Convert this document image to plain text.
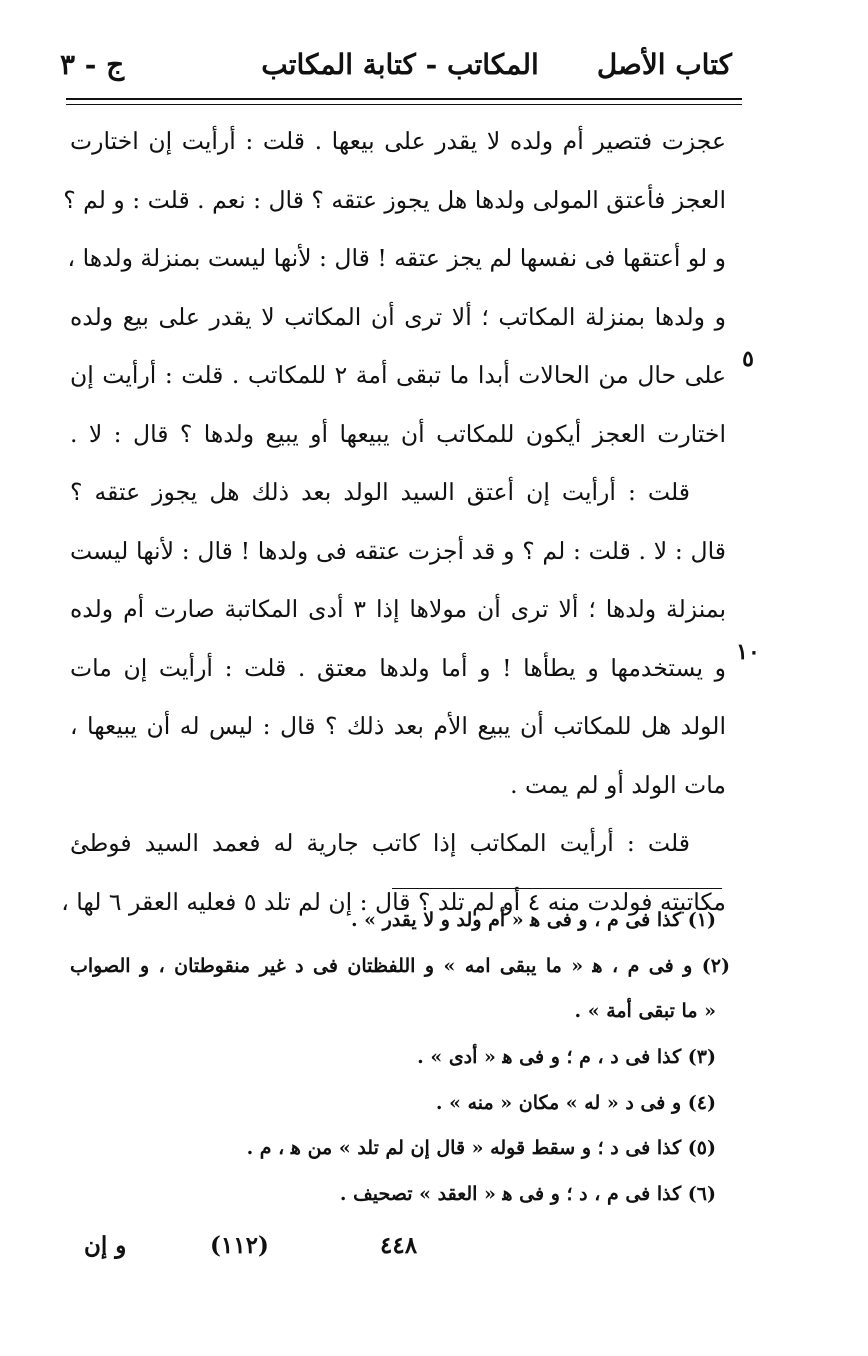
كتاب الأصل
المكاتب - كتابة المكاتب
ج - ٣
عجزت فتصير أم ولده لا يقدر على بيعها . قلت : أرأيت إن اختارت
العجز فأعتق المولى ولدها هل يجوز عتقه ؟ قال : نعم . قلت : و لم ؟
و لو أعتقها فى نفسها لم يجز عتقه ! قال : لأنها ليست بمنزلة ولدها ،
و ولدها بمنزلة المكاتب ؛ ألا ترى أن المكاتب لا يقدر على بيع ولده
٥
على حال من الحالات أبدا ما تبقى أمة ٢ للمكاتب . قلت : أرأيت إن
اختارت العجز أيكون للمكاتب أن يبيعها أو يبيع ولدها ؟ قال : لا .
قلت : أرأيت إن أعتق السيد الولد بعد ذلك هل يجوز عتقه ؟
قال : لا . قلت : لم ؟ و قد أجزت عتقه فى ولدها ! قال : لأنها ليست
بمنزلة ولدها ؛ ألا ترى أن مولاها إذا ٣ أدى المكاتبة صارت أم ولده
١٠
و يستخدمها و يطأها ! و أما ولدها معتق . قلت : أرأيت إن مات
الولد هل للمكاتب أن يبيع الأم بعد ذلك ؟ قال : ليس له أن يبيعها ،
مات الولد أو لم يمت .
قلت : أرأيت المكاتب إذا كاتب جارية له فعمد السيد فوطئ
مكاتبته فولدت منه ٤ أو لم تلد ؟ قال : إن لم تلد ٥ فعليه العقر ٦ لها ،
(١) كذا فى م ، و فى ﻫ « أم ولد و لا يقدر » .
(٢) و فى م ، ﻫ « ما يبقى امه » و اللفظتان فى د غير منقوطتان ، و الصواب
« ما تبقى أمة » .
(٣) كذا فى د ، م ؛ و فى ﻫ « أدى » .
(٤) و فى د « له » مكان « منه » .
(٥) كذا فى د ؛ و سقط قوله « قال إن لم تلد » من ﻫ ، م .
(٦) كذا فى م ، د ؛ و فى ﻫ « العقد » تصحيف .
و إن	(١١٢)	٤٤٨
